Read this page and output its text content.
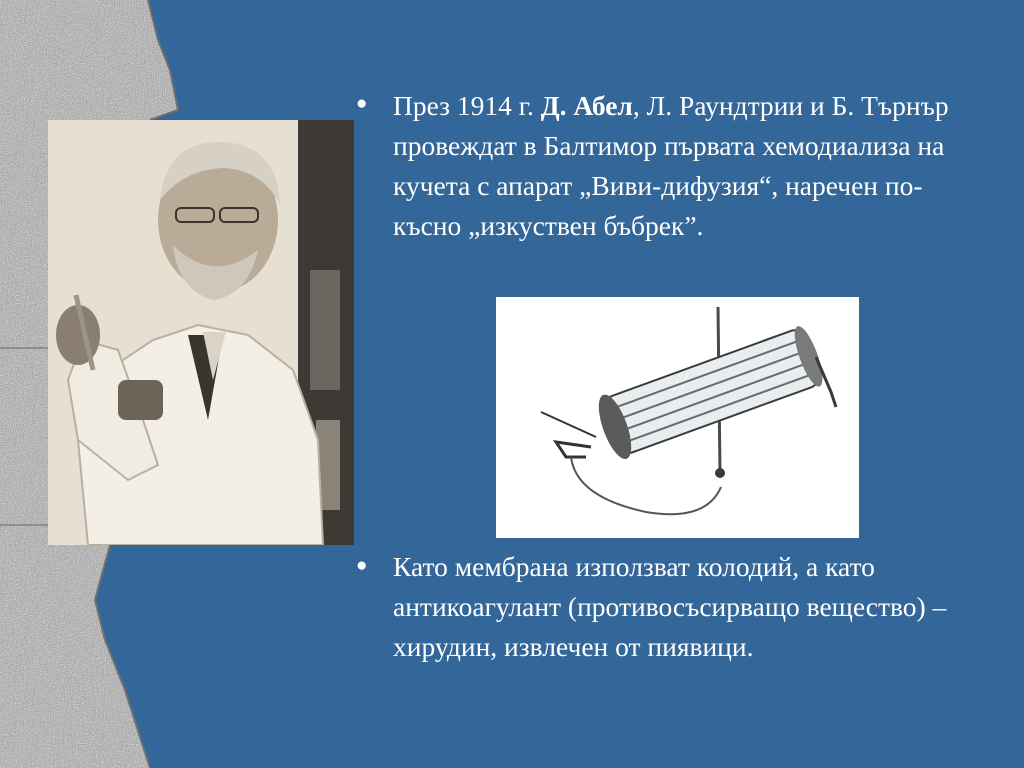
● През 1914 г. Д. Абел, Л. Раундтрии и Б. Търнър провеждат в Балтимор първата хемодиализа на кучета с апарат „Виви-дифузия“, наречен по-късно „изкуствен бъбрек”.
● Като мембрана използват колодий, а като антикоагулант (противосъсирващо вещество) – хирудин, извлечен от пиявици.
